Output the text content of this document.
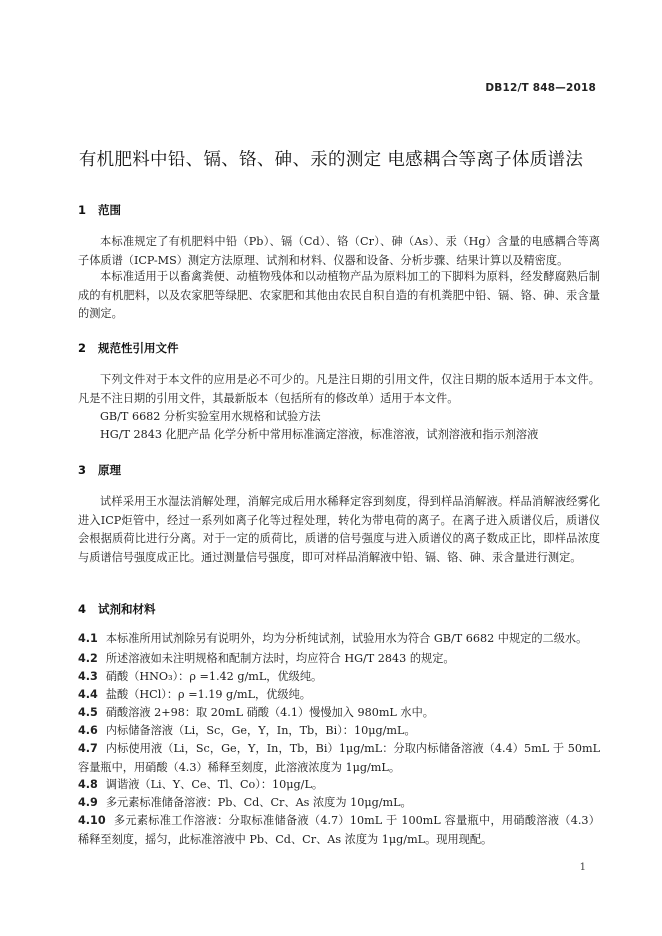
DB12/T 848—2018
有机肥料中铅、镉、铬、砷、汞的测定 电感耦合等离子体质谱法
1 范围

本标准规定了有机肥料中铅（Pb）、镉（Cd）、铬（Cr）、砷（As）、汞（Hg）含量的电感耦合等离子体质谱（ICP-MS）测定方法原理、试剂和材料、仪器和设备、分析步骤、结果计算以及精密度。

本标准适用于以畜禽粪便、动植物残体和以动植物产品为原料加工的下脚料为原料，经发酵腐熟后制成的有机肥料，以及农家肥等绿肥、农家肥和其他由农民自积自造的有机粪肥中铅、镉、铬、砷、汞含量的测定。

2 规范性引用文件

下列文件对于本文件的应用是必不可少的。凡是注日期的引用文件，仅注日期的版本适用于本文件。凡是不注日期的引用文件，其最新版本（包括所有的修改单）适用于本文件。

GB/T 6682 分析实验室用水规格和试验方法
HG/T 2843 化肥产品 化学分析中常用标准滴定溶液，标准溶液，试剂溶液和指示剂溶液
3 原理

试样采用王水湿法消解处理，消解完成后用水稀释定容到刻度，得到样品消解液。样品消解液经雾化进入ICP炬管中，经过一系列如离子化等过程处理，转化为带电荷的离子。在离子进入质谱仪后，质谱仪会根据质荷比进行分离。对于一定的质荷比，质谱的信号强度与进入质谱仪的离子数成正比，即样品浓度与质谱信号强度成正比。通过测量信号强度，即可对样品消解液中铅、镉、铬、砷、汞含量进行测定。

4 试剂和材料

4.1 本标准所用试剂除另有说明外，均为分析纯试剂，试验用水为符合 GB/T 6682 中规定的二级水。

4.2 所述溶液如未注明规格和配制方法时，均应符合 HG/T 2843 的规定。

4.3 硝酸（HNO₃）：ρ =1.42 g/mL，优级纯。

4.4 盐酸（HCl）：ρ =1.19 g/mL，优级纯。

4.5 硝酸溶液 2+98：取 20mL 硝酸（4.1）慢慢加入 980mL 水中。

4.6 内标储备溶液（Li，Sc，Ge，Y，In，Tb，Bi）：10μg/mL。

4.7 内标使用液（Li，Sc，Ge，Y，In，Tb，Bi）1μg/mL：分取内标储备溶液（4.4）5mL 于 50mL 容量瓶中，用硝酸（4.3）稀释至刻度，此溶液浓度为 1μg/mL。

4.8 调谐液（Li、Y、Ce、Tl、Co）：10μg/L。

4.9 多元素标准储备溶液：Pb、Cd、Cr、As 浓度为 10μg/mL。

4.10 多元素标准工作溶液：分取标准储备液（4.7）10mL 于 100mL 容量瓶中，用硝酸溶液（4.3）稀释至刻度，摇匀，此标准溶液中 Pb、Cd、Cr、As 浓度为 1μg/mL。现用现配。

1
